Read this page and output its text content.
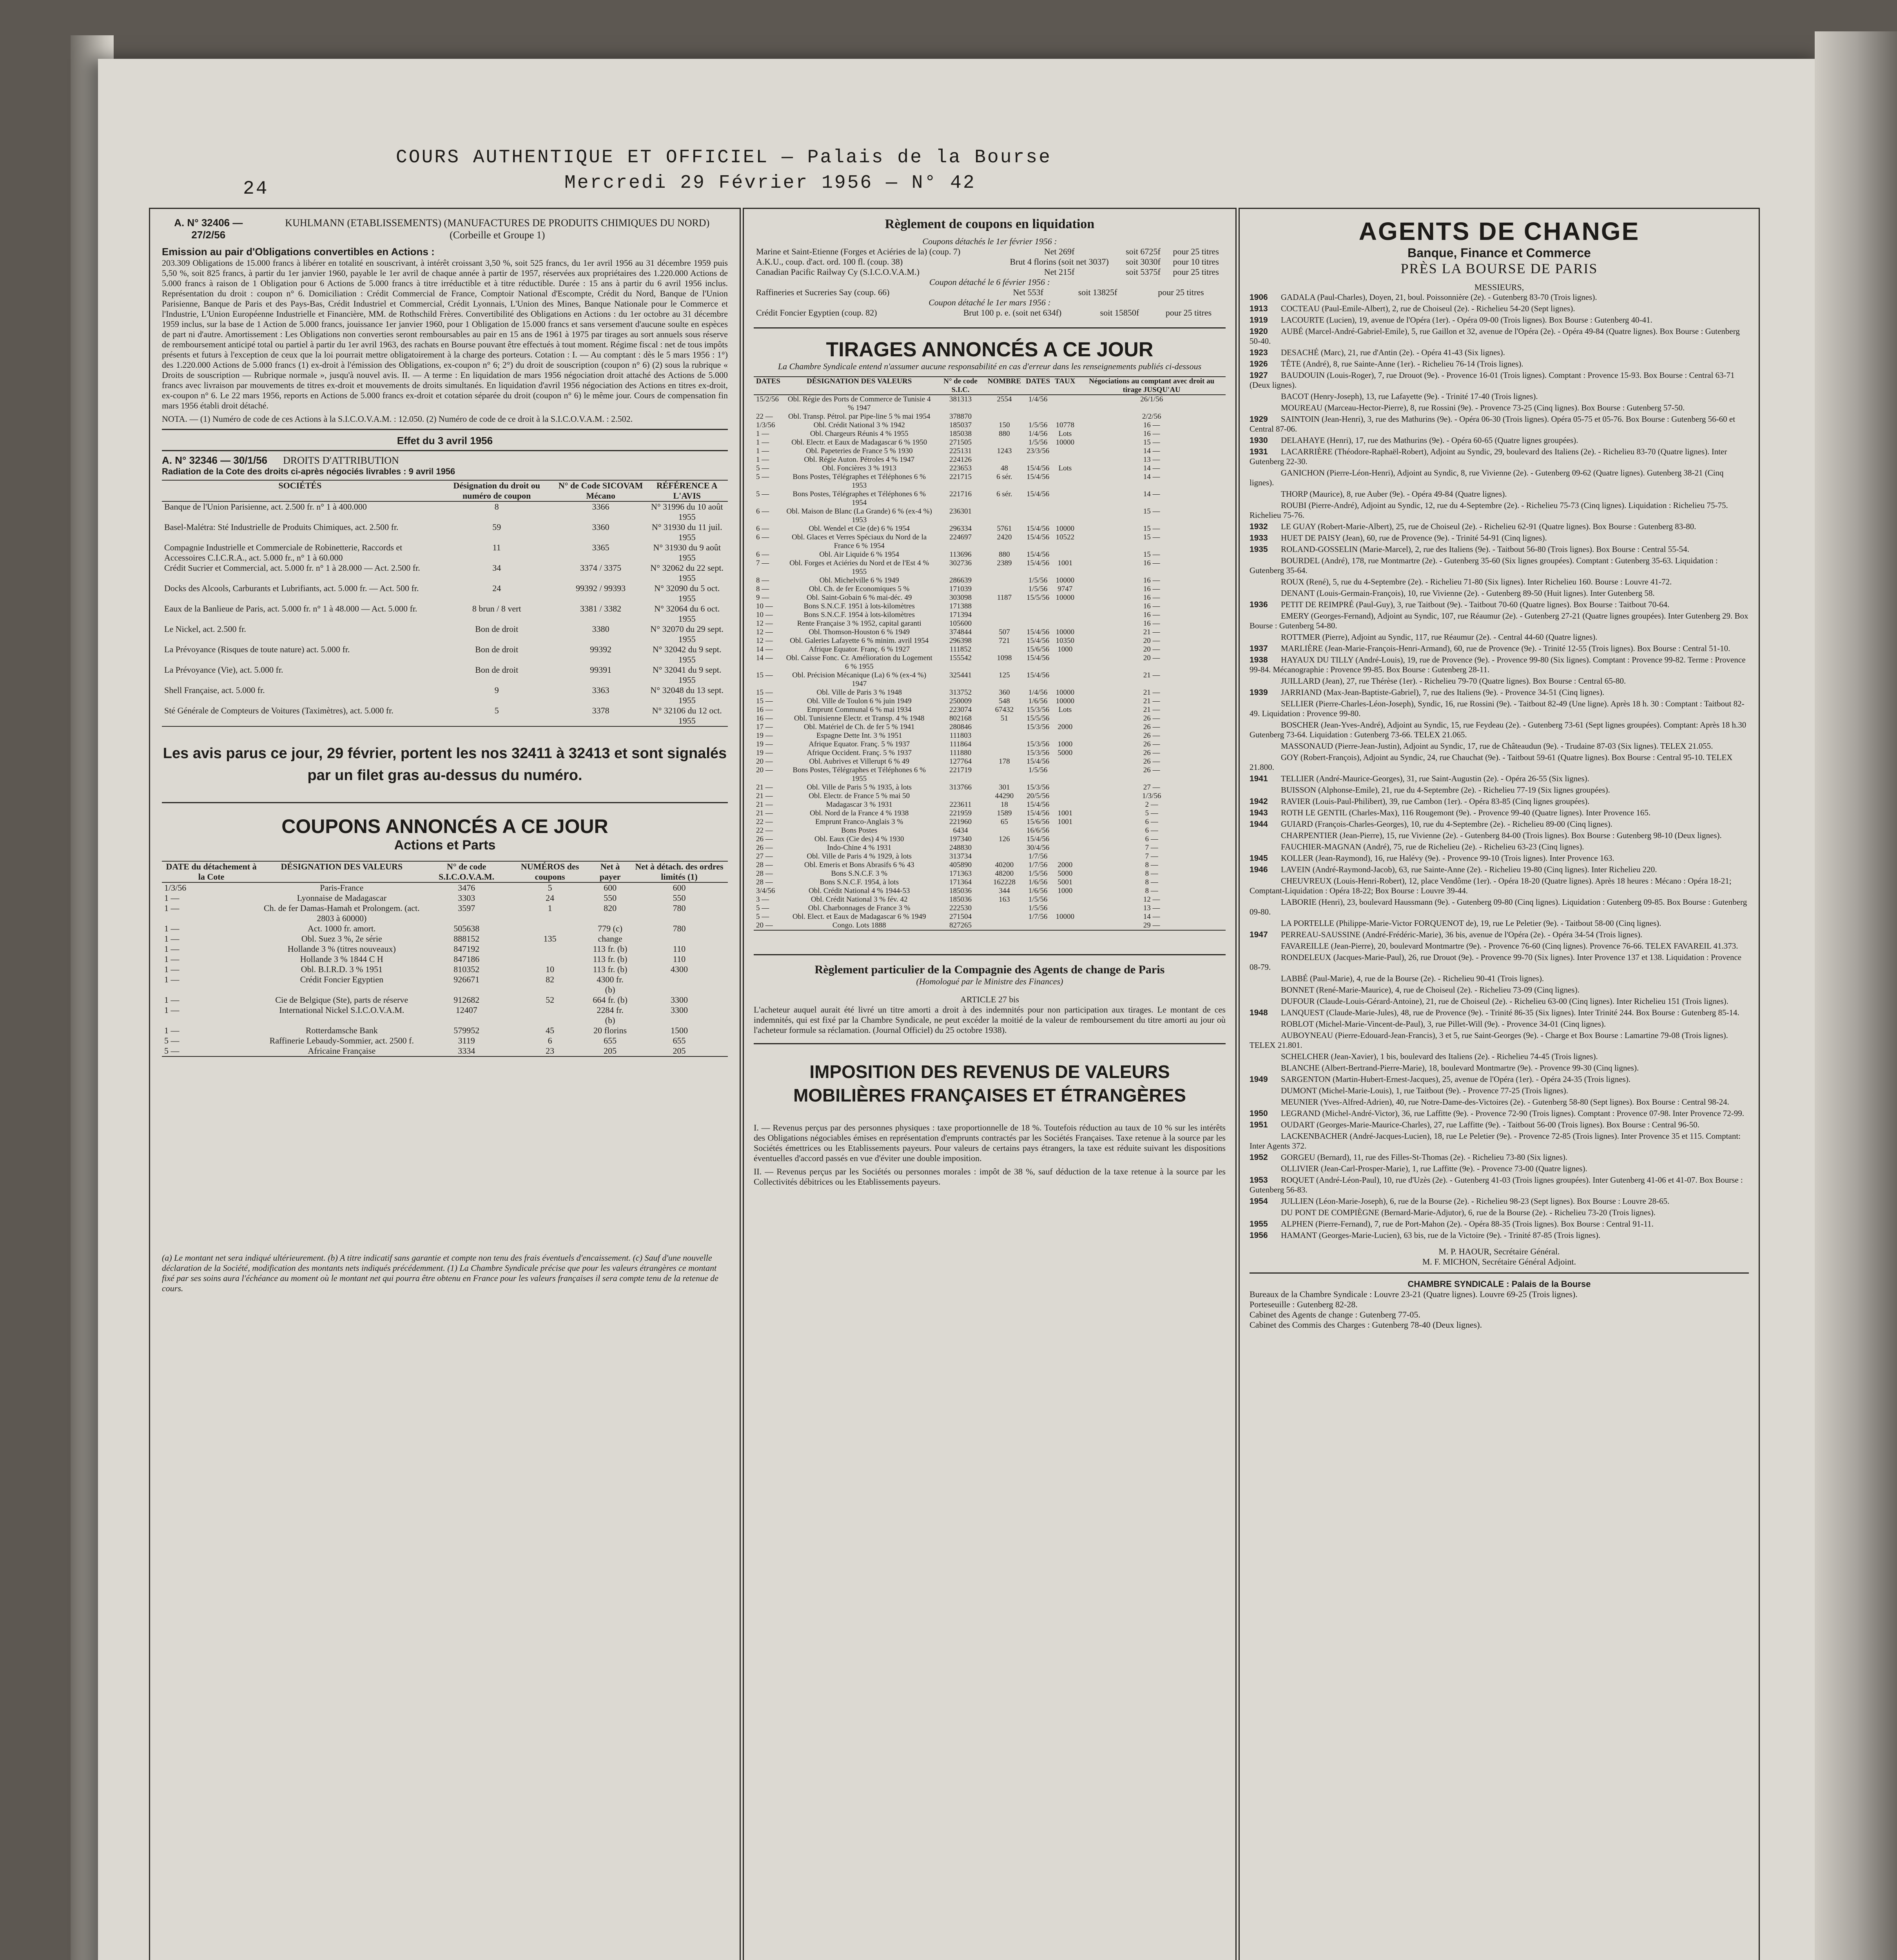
COURS AUTHENTIQUE ET OFFICIEL — Palais de la Bourse
24	Mercredi 29 Février 1956 — N° 42
A. N° 32406 — 27/2/56
KUHLMANN (ETABLISSEMENTS) (MANUFACTURES DE PRODUITS CHIMIQUES DU NORD) (Corbeille et Groupe 1)
Emission au pair d'Obligations convertibles en Actions :
203.309 Obligations de 15.000 francs à libérer en totalité en souscrivant, à intérêt croissant 3,50 %, soit 525 francs, du 1er avril 1956 au 31 décembre 1959 puis 5,50 %, soit 825 francs, à partir du 1er janvier 1960, payable le 1er avril de chaque année à partir de 1957, réservées aux propriétaires des 1.220.000 Actions de 5.000 francs à raison de 1 Obligation pour 6 Actions de 5.000 francs à titre irréductible et à titre réductible. Durée : 15 ans à partir du 6 avril 1956 inclus. Représentation du droit : coupon n° 6. Domiciliation : Crédit Commercial de France, Comptoir National d'Escompte, Crédit du Nord, Banque de l'Union Parisienne, Banque de Paris et des Pays-Bas, Crédit Industriel et Commercial, Crédit Lyonnais, L'Union des Mines, Banque Nationale pour le Commerce et l'Industrie, L'Union Européenne Industrielle et Financière, MM. de Rothschild Frères. Convertibilité des Obligations en Actions : du 1er octobre au 31 décembre 1959 inclus, sur la base de 1 Action de 5.000 francs, jouissance 1er janvier 1960, pour 1 Obligation de 15.000 francs et sans versement d'aucune soulte en espèces de part ni d'autre. Amortissement : Les Obligations non converties seront remboursables au pair en 15 ans de 1961 à 1975 par tirages au sort annuels sous réserve de remboursement anticipé total ou partiel à partir du 1er avril 1963, des rachats en Bourse pouvant être effectués à tout moment. Régime fiscal : net de tous impôts présents et futurs à l'exception de ceux que la loi pourrait mettre obligatoirement à la charge des porteurs. Cotation : I. — Au comptant : dès le 5 mars 1956 : 1°) des 1.220.000 Actions de 5.000 francs (1) ex-droit à l'émission des Obligations, ex-coupon n° 6; 2°) du droit de souscription (coupon n° 6) (2) sous la rubrique « Droits de souscription — Rubrique normale », jusqu'à nouvel avis. II. — A terme : En liquidation de mars 1956 négociation droit attaché des Actions de 5.000 francs avec livraison par mouvements de titres ex-droit et mouvements de droits simultanés. En liquidation d'avril 1956 négociation des Actions en titres ex-droit, ex-coupon n° 6. Le 22 mars 1956, reports en Actions de 5.000 francs ex-droit et cotation séparée du droit (coupon n° 6) le même jour. Cours de compensation fin mars 1956 établi droit détaché.
NOTA. — (1) Numéro de code de ces Actions à la S.I.C.O.V.A.M. : 12.050. (2) Numéro de code de ce droit à la S.I.C.O.V.A.M. : 2.502.
Effet du 3 avril 1956
A. N° 32346 — 30/1/56 DROITS D'ATTRIBUTION
Radiation de la Cote des droits ci-après négociés livrables : 9 avril 1956
SOCIÉTÉS	Désignation du droit ou numéro de coupon	N° de Code SICOVAM Mécano	RÉFÉRENCE A L'AVIS
Banque de l'Union Parisienne, act. 2.500 fr. n° 1 à 400.000	8	3366	N° 31996 du 10 août 1955
Basel-Malétra: Sté Industrielle de Produits Chimiques, act. 2.500 fr.	59	3360	N° 31930 du 11 juil. 1955
Compagnie Industrielle et Commerciale de Robinetterie, Raccords et Accessoires C.I.C.R.A., act. 5.000 fr., n° 1 à 60.000	11	3365	N° 31930 du 9 août 1955
Crédit Sucrier et Commercial, act. 5.000 fr. n° 1 à 28.000 — Act. 2.500 fr.	34	3374 / 3375	N° 32062 du 22 sept. 1955
Docks des Alcools, Carburants et Lubrifiants, act. 5.000 fr. — Act. 500 fr.	24	99392 / 99393	N° 32090 du 5 oct. 1955
Eaux de la Banlieue de Paris, act. 5.000 fr. n° 1 à 48.000 — Act. 5.000 fr.	8 brun / 8 vert	3381 / 3382	N° 32064 du 6 oct. 1955
Le Nickel, act. 2.500 fr.	Bon de droit	3380	N° 32070 du 29 sept. 1955
La Prévoyance (Risques de toute nature) act. 5.000 fr.	Bon de droit	99392	N° 32042 du 9 sept. 1955
La Prévoyance (Vie), act. 5.000 fr.	Bon de droit	99391	N° 32041 du 9 sept. 1955
Shell Française, act. 5.000 fr.	9	3363	N° 32048 du 13 sept. 1955
Sté Générale de Compteurs de Voitures (Taximètres), act. 5.000 fr.	5	3378	N° 32106 du 12 oct. 1955
Les avis parus ce jour, 29 février, portent les nos 32411 à 32413 et sont signalés par un filet gras au-dessus du numéro.
COUPONS ANNONCÉS A CE JOUR
Actions et Parts
DATE du détachement à la Cote	DÉSIGNATION DES VALEURS	N° de code S.I.C.O.V.A.M.	NUMÉROS des coupons	Net à payer	Net à détach. des ordres limités (1)
1/3/56	Paris-France	3476	5	600	600
1 —	Lyonnaise de Madagascar	3303	24	550	550
1 —	Ch. de fer Damas-Hamah et Prolongem. (act. 2803 à 60000)	3597	1	820	780
1 —	Act. 1000 fr. amort.	505638		779 (c)	780
1 —	Obl. Suez 3 %, 2e série	888152	135	change	
1 —	Hollande 3 % (titres nouveaux)	847192		113 fr. (b)	110
1 —	Hollande 3 % 1844 C H	847186		113 fr. (b)	110
1 —	Obl. B.I.R.D. 3 % 1951	810352	10	113 fr. (b)	4300
1 —	Crédit Foncier Egyptien	926671	82	4300 fr. (b)	
1 —	Cie de Belgique (Ste), parts de réserve	912682	52	664 fr. (b)	3300
1 —	International Nickel S.I.C.O.V.A.M.	12407		2284 fr. (b)	3300
1 —	Rotterdamsche Bank	579952	45	20 florins	1500
5 —	Raffinerie Lebaudy-Sommier, act. 2500 f.	3119	6	655	655
5 —	Africaine Française	3334	23	205	205
(a) Le montant net sera indiqué ultérieurement. (b) A titre indicatif sans garantie et compte non tenu des frais éventuels d'encaissement. (c) Sauf d'une nouvelle déclaration de la Société, modification des montants nets indiqués précédemment. (1) La Chambre Syndicale précise que pour les valeurs étrangères ce montant fixé par ses soins aura l'échéance au moment où le montant net qui pourra être obtenu en France pour les valeurs françaises il sera compte tenu de la retenue de cours.
Règlement de coupons en liquidation
Coupons détachés le 1er février 1956 :
Marine et Saint-Etienne (Forges et Aciéries de la) (coup. 7)	Net 269f	soit 6725f	pour 25 titres
A.K.U., coup. d'act. ord. 100 fl. (coup. 38)	Brut 4 florins (soit net 3037)	soit 3030f	pour 10 titres
Canadian Pacific Railway Cy (S.I.C.O.V.A.M.)	Net 215f	soit 5375f	pour 25 titres
Coupon détaché le 6 février 1956 :
Raffineries et Sucreries Say (coup. 66)	Net 553f	soit 13825f	pour 25 titres
Coupon détaché le 1er mars 1956 :
Crédit Foncier Egyptien (coup. 82)	Brut 100 p. e. (soit net 634f)	soit 15850f	pour 25 titres
TIRAGES ANNONCÉS A CE JOUR
La Chambre Syndicale entend n'assumer aucune responsabilité en cas d'erreur dans les renseignements publiés ci-dessous
DATES	DÉSIGNATION DES VALEURS	N° de code S.I.C.	NOMBRE	DATES	TAUX	Négociations au comptant avec droit au tirage JUSQU'AU
15/2/56	Obl. Régie des Ports de Commerce de Tunisie 4 % 1947	381313	2554	1/4/56		26/1/56
22 —	Obl. Transp. Pétrol. par Pipe-line 5 % mai 1954	378870				2/2/56
1/3/56	Obl. Crédit National 3 % 1942	185037	150	1/5/56	10778	16 —
1 —	Obl. Chargeurs Réunis 4 % 1955	185038	880	1/4/56	Lots	16 —
1 —	Obl. Electr. et Eaux de Madagascar 6 % 1950	271505		1/5/56	10000	15 —
1 —	Obl. Papeteries de France 5 % 1930	225131	1243	23/3/56		14 —
1 —	Obl. Régie Auton. Pétroles 4 % 1947	224126				13 —
5 —	Obl. Foncières 3 % 1913	223653	48	15/4/56	Lots	14 —
5 —	Bons Postes, Télégraphes et Téléphones 6 % 1953	221715	6 sér.	15/4/56		14 —
5 —	Bons Postes, Télégraphes et Téléphones 6 % 1954	221716	6 sér.	15/4/56		14 —
6 —	Obl. Maison de Blanc (La Grande) 6 % (ex-4 %) 1953	236301				15 —
6 —	Obl. Wendel et Cie (de) 6 % 1954	296334	5761	15/4/56	10000	15 —
6 —	Obl. Glaces et Verres Spéciaux du Nord de la France 6 % 1954	224697	2420	15/4/56	10522	15 —
6 —	Obl. Air Liquide 6 % 1954	113696	880	15/4/56		15 —
7 —	Obl. Forges et Aciéries du Nord et de l'Est 4 % 1955	302736	2389	15/4/56	1001	16 —
8 —	Obl. Michelville 6 % 1949	286639		1/5/56	10000	16 —
8 —	Obl. Ch. de fer Economiques 5 %	171039		1/5/56	9747	16 —
9 —	Obl. Saint-Gobain 6 % mai-déc. 49	303098	1187	15/5/56	10000	16 —
10 —	Bons S.N.C.F. 1951 à lots-kilomètres	171388				16 —
10 —	Bons S.N.C.F. 1954 à lots-kilomètres	171394				16 —
12 —	Rente Française 3 % 1952, capital garanti	105600				16 —
12 —	Obl. Thomson-Houston 6 % 1949	374844	507	15/4/56	10000	21 —
12 —	Obl. Galeries Lafayette 6 % minim. avril 1954	296398	721	15/4/56	10350	20 —
14 —	Afrique Equator. Franç. 6 % 1927	111852		15/6/56	1000	20 —
14 —	Obl. Caisse Fonc. Cr. Amélioration du Logement 6 % 1955	155542	1098	15/4/56		20 —
15 —	Obl. Précision Mécanique (La) 6 % (ex-4 %) 1947	325441	125	15/4/56		21 —
15 —	Obl. Ville de Paris 3 % 1948	313752	360	1/4/56	10000	21 —
15 —	Obl. Ville de Toulon 6 % juin 1949	250009	548	1/6/56	10000	21 —
16 —	Emprunt Communal 6 % mai 1934	223074	67432	15/3/56	Lots	21 —
16 —	Obl. Tunisienne Electr. et Transp. 4 % 1948	802168	51	15/5/56		26 —
17 —	Obl. Matériel de Ch. de fer 5 % 1941	280846		15/3/56	2000	26 —
19 —	Espagne Dette Int. 3 % 1951	111803				26 —
19 —	Afrique Equator. Franç. 5 % 1937	111864		15/3/56	1000	26 —
19 —	Afrique Occident. Franç. 5 % 1937	111880		15/3/56	5000	26 —
20 —	Obl. Aubrives et Villerupt 6 % 49	127764	178	15/4/56		26 —
20 —	Bons Postes, Télégraphes et Téléphones 6 % 1955	221719		1/5/56		26 —
21 —	Obl. Ville de Paris 5 % 1935, à lots	313766	301	15/3/56		27 —
21 —	Obl. Electr. de France 5 % mai 50		44290	20/5/56		1/3/56
21 —	Madagascar 3 % 1931	223611	18	15/4/56		2 —
21 —	Obl. Nord de la France 4 % 1938	221959	1589	15/4/56	1001	5 —
22 —	Emprunt Franco-Anglais 3 %	221960	65	15/6/56	1001	6 —
22 —	Bons Postes	6434		16/6/56		6 —
26 —	Obl. Eaux (Cie des) 4 % 1930	197340	126	15/4/56		6 —
26 —	Indo-Chine 4 % 1931	248830		30/4/56		7 —
27 —	Obl. Ville de Paris 4 % 1929, à lots	313734		1/7/56		7 —
28 —	Obl. Emeris et Bons Abrasifs 6 % 43	405890	40200	1/7/56	2000	8 —
28 —	Bons S.N.C.F. 3 %	171363	48200	1/5/56	5000	8 —
28 —	Bons S.N.C.F. 1954, à lots	171364	162228	1/6/56	5001	8 —
3/4/56	Obl. Crédit National 4 % 1944-53	185036	344	1/6/56	1000	8 —
3 —	Obl. Crédit National 3 % fév. 42	185036	163	1/5/56		12 —
5 —	Obl. Charbonnages de France 3 %	222530		1/5/56		13 —
5 —	Obl. Elect. et Eaux de Madagascar 6 % 1949	271504		1/7/56	10000	14 —
20 —	Congo. Lots 1888	827265				29 —
Règlement particulier de la Compagnie des Agents de change de Paris
(Homologué par le Ministre des Finances)
ARTICLE 27 bis
L'acheteur auquel aurait été livré un titre amorti a droit à des indemnités pour non participation aux tirages. Le montant de ces indemnités, qui est fixé par la Chambre Syndicale, ne peut excéder la moitié de la valeur de remboursement du titre amorti au jour où l'acheteur formule sa réclamation. (Journal Officiel) du 25 octobre 1938).
IMPOSITION DES REVENUS DE VALEURS MOBILIÈRES FRANÇAISES ET ÉTRANGÈRES
I. — Revenus perçus par des personnes physiques : taxe proportionnelle de 18 %. Toutefois réduction au taux de 10 % sur les intérêts des Obligations négociables émises en représentation d'emprunts contractés par les Sociétés Françaises. Taxe retenue à la source par les Sociétés émettrices ou les Etablissements payeurs. Pour valeurs de certains pays étrangers, la taxe est réduite suivant les dispositions éventuelles d'accord passés en vue d'éviter une double imposition.
II. — Revenus perçus par les Sociétés ou personnes morales : impôt de 38 %, sauf déduction de la taxe retenue à la source par les Collectivités débitrices ou les Etablissements payeurs.
AGENTS DE CHANGE
Banque, Finance et Commerce
PRÈS LA BOURSE DE PARIS
MESSIEURS,
1906 GADALA (Paul-Charles), Doyen, 21, boul. Poissonnière (2e). - Gutenberg 83-70 (Trois lignes).
1913 COCTEAU (Paul-Emile-Albert), 2, rue de Choiseul (2e). - Richelieu 54-20 (Sept lignes).
1919 LACOURTE (Lucien), 19, avenue de l'Opéra (1er). - Opéra 09-00 (Trois lignes). Box Bourse : Gutenberg 40-41.
1920 AUBÉ (Marcel-André-Gabriel-Emile), 5, rue Gaillon et 32, avenue de l'Opéra (2e). - Opéra 49-84 (Quatre lignes). Box Bourse : Gutenberg 50-40.
1923 DESACHÉ (Marc), 21, rue d'Antin (2e). - Opéra 41-43 (Six lignes).
1926 TÊTE (André), 8, rue Sainte-Anne (1er). - Richelieu 76-14 (Trois lignes).
1927 BAUDOUIN (Louis-Roger), 7, rue Drouot (9e). - Provence 16-01 (Trois lignes). Comptant : Provence 15-93. Box Bourse : Central 63-71 (Deux lignes).
BACOT (Henry-Joseph), 13, rue Lafayette (9e). - Trinité 17-40 (Trois lignes).
MOUREAU (Marceau-Hector-Pierre), 8, rue Rossini (9e). - Provence 73-25 (Cinq lignes). Box Bourse : Gutenberg 57-50.
1929 SAINTOIN (Jean-Henri), 3, rue des Mathurins (9e). - Opéra 06-30 (Trois lignes). Opéra 05-75 et 05-76. Box Bourse : Gutenberg 56-60 et Central 87-06.
1930 DELAHAYE (Henri), 17, rue des Mathurins (9e). - Opéra 60-65 (Quatre lignes groupées).
1931 LACARRIÈRE (Théodore-Raphaël-Robert), Adjoint au Syndic, 29, boulevard des Italiens (2e). - Richelieu 83-70 (Quatre lignes). Inter Gutenberg 22-30.
GANICHON (Pierre-Léon-Henri), Adjoint au Syndic, 8, rue Vivienne (2e). - Gutenberg 09-62 (Quatre lignes). Gutenberg 38-21 (Cinq lignes).
THORP (Maurice), 8, rue Auber (9e). - Opéra 49-84 (Quatre lignes).
ROUBI (Pierre-André), Adjoint au Syndic, 12, rue du 4-Septembre (2e). - Richelieu 75-73 (Cinq lignes). Liquidation : Richelieu 75-75. Richelieu 75-76.
1932 LE GUAY (Robert-Marie-Albert), 25, rue de Choiseul (2e). - Richelieu 62-91 (Quatre lignes). Box Bourse : Gutenberg 83-80.
1933 HUET DE PAISY (Jean), 60, rue de Provence (9e). - Trinité 54-91 (Cinq lignes).
1935 ROLAND-GOSSELIN (Marie-Marcel), 2, rue des Italiens (9e). - Taitbout 56-80 (Trois lignes). Box Bourse : Central 55-54.
BOURDEL (André), 178, rue Montmartre (2e). - Gutenberg 35-60 (Six lignes groupées). Comptant : Gutenberg 35-63. Liquidation : Gutenberg 35-64.
ROUX (René), 5, rue du 4-Septembre (2e). - Richelieu 71-80 (Six lignes). Inter Richelieu 160. Bourse : Louvre 41-72.
DENANT (Louis-Germain-François), 10, rue Vivienne (2e). - Gutenberg 89-50 (Huit lignes). Inter Gutenberg 58.
1936 PETIT DE REIMPRÉ (Paul-Guy), 3, rue Taitbout (9e). - Taitbout 70-60 (Quatre lignes). Box Bourse : Taitbout 70-64.
EMERY (Georges-Fernand), Adjoint au Syndic, 107, rue Réaumur (2e). - Gutenberg 27-21 (Quatre lignes groupées). Inter Gutenberg 29. Box Bourse : Gutenberg 54-80.
ROTTMER (Pierre), Adjoint au Syndic, 117, rue Réaumur (2e). - Central 44-60 (Quatre lignes).
1937 MARLIÈRE (Jean-Marie-François-Henri-Armand), 60, rue de Provence (9e). - Trinité 12-55 (Trois lignes). Box Bourse : Central 51-10.
1938 HAYAUX DU TILLY (André-Louis), 19, rue de Provence (9e). - Provence 99-80 (Six lignes). Comptant : Provence 99-82. Terme : Provence 99-84. Mécanographie : Provence 99-85. Box Bourse : Gutenberg 28-11.
JUILLARD (Jean), 27, rue Thérèse (1er). - Richelieu 79-70 (Quatre lignes). Box Bourse : Central 65-80.
1939 JARRIAND (Max-Jean-Baptiste-Gabriel), 7, rue des Italiens (9e). - Provence 34-51 (Cinq lignes).
SELLIER (Pierre-Charles-Léon-Joseph), Syndic, 16, rue Rossini (9e). - Taitbout 82-49 (Une ligne). Après 18 h. 30 : Comptant : Taitbout 82-49. Liquidation : Provence 99-80.
BOSCHER (Jean-Yves-André), Adjoint au Syndic, 15, rue Feydeau (2e). - Gutenberg 73-61 (Sept lignes groupées). Comptant: Après 18 h.30 Gutenberg 73-64. Liquidation : Gutenberg 73-66. TELEX 21.065.
MASSONAUD (Pierre-Jean-Justin), Adjoint au Syndic, 17, rue de Châteaudun (9e). - Trudaine 87-03 (Six lignes). TELEX 21.055.
GOY (Robert-François), Adjoint au Syndic, 24, rue Chauchat (9e). - Taitbout 59-61 (Quatre lignes). Box Bourse : Central 95-10. TELEX 21.800.
1941 TELLIER (André-Maurice-Georges), 31, rue Saint-Augustin (2e). - Opéra 26-55 (Six lignes).
BUISSON (Alphonse-Emile), 21, rue du 4-Septembre (2e). - Richelieu 77-19 (Six lignes groupées).
1942 RAVIER (Louis-Paul-Philibert), 39, rue Cambon (1er). - Opéra 83-85 (Cinq lignes groupées).
1943 ROTH LE GENTIL (Charles-Max), 116 Rougemont (9e). - Provence 99-40 (Quatre lignes). Inter Provence 165.
1944 GUIARD (François-Charles-Georges), 10, rue du 4-Septembre (2e). - Richelieu 89-00 (Cinq lignes).
CHARPENTIER (Jean-Pierre), 15, rue Vivienne (2e). - Gutenberg 84-00 (Trois lignes). Box Bourse : Gutenberg 98-10 (Deux lignes).
FAUCHIER-MAGNAN (André), 75, rue de Richelieu (2e). - Richelieu 63-23 (Cinq lignes).
1945 KOLLER (Jean-Raymond), 16, rue Halévy (9e). - Provence 99-10 (Trois lignes). Inter Provence 163.
1946 LAVEIN (André-Raymond-Jacob), 63, rue Sainte-Anne (2e). - Richelieu 19-80 (Cinq lignes). Inter Richelieu 220.
CHEUVREUX (Louis-Henri-Robert), 12, place Vendôme (1er). - Opéra 18-20 (Quatre lignes). Après 18 heures : Mécano : Opéra 18-21; Comptant-Liquidation : Opéra 18-22; Box Bourse : Louvre 39-44.
LABORIE (Henri), 23, boulevard Haussmann (9e). - Gutenberg 09-80 (Cinq lignes). Liquidation : Gutenberg 09-85. Box Bourse : Gutenberg 09-80.
LA PORTELLE (Philippe-Marie-Victor FORQUENOT de), 19, rue Le Peletier (9e). - Taitbout 58-00 (Cinq lignes).
1947 PERREAU-SAUSSINE (André-Frédéric-Marie), 36 bis, avenue de l'Opéra (2e). - Opéra 34-54 (Trois lignes).
FAVAREILLE (Jean-Pierre), 20, boulevard Montmartre (9e). - Provence 76-60 (Cinq lignes). Provence 76-66. TELEX FAVAREIL 41.373.
RONDELEUX (Jacques-Marie-Paul), 26, rue Drouot (9e). - Provence 99-70 (Six lignes). Inter Provence 137 et 138. Liquidation : Provence 08-79.
LABBÉ (Paul-Marie), 4, rue de la Bourse (2e). - Richelieu 90-41 (Trois lignes).
BONNET (René-Marie-Maurice), 4, rue de Choiseul (2e). - Richelieu 73-09 (Cinq lignes).
DUFOUR (Claude-Louis-Gérard-Antoine), 21, rue de Choiseul (2e). - Richelieu 63-00 (Cinq lignes). Inter Richelieu 151 (Trois lignes).
1948 LANQUEST (Claude-Marie-Jules), 48, rue de Provence (9e). - Trinité 86-35 (Six lignes). Inter Trinité 244. Box Bourse : Gutenberg 85-14.
ROBLOT (Michel-Marie-Vincent-de-Paul), 3, rue Pillet-Will (9e). - Provence 34-01 (Cinq lignes).
AUBOYNEAU (Pierre-Edouard-Jean-Francis), 3 et 5, rue Saint-Georges (9e). - Charge et Box Bourse : Lamartine 79-08 (Trois lignes). TELEX 21.801.
SCHELCHER (Jean-Xavier), 1 bis, boulevard des Italiens (2e). - Richelieu 74-45 (Trois lignes).
BLANCHE (Albert-Bertrand-Pierre-Marie), 18, boulevard Montmartre (9e). - Provence 99-30 (Cinq lignes).
1949 SARGENTON (Martin-Hubert-Ernest-Jacques), 25, avenue de l'Opéra (1er). - Opéra 24-35 (Trois lignes).
DUMONT (Michel-Marie-Louis), 1, rue Taitbout (9e). - Provence 77-25 (Trois lignes).
MEUNIER (Yves-Alfred-Adrien), 40, rue Notre-Dame-des-Victoires (2e). - Gutenberg 58-80 (Sept lignes). Box Bourse : Central 98-24.
1950 LEGRAND (Michel-André-Victor), 36, rue Laffitte (9e). - Provence 72-90 (Trois lignes). Comptant : Provence 07-98. Inter Provence 72-99.
1951 OUDART (Georges-Marie-Maurice-Charles), 27, rue Laffitte (9e). - Taitbout 56-00 (Trois lignes). Box Bourse : Central 96-50.
LACKENBACHER (André-Jacques-Lucien), 18, rue Le Peletier (9e). - Provence 72-85 (Trois lignes). Inter Provence 35 et 115. Comptant: Inter Agents 372.
1952 GORGEU (Bernard), 11, rue des Filles-St-Thomas (2e). - Richelieu 73-80 (Six lignes).
OLLIVIER (Jean-Carl-Prosper-Marie), 1, rue Laffitte (9e). - Provence 73-00 (Quatre lignes).
1953 ROQUET (André-Léon-Paul), 10, rue d'Uzès (2e). - Gutenberg 41-03 (Trois lignes groupées). Inter Gutenberg 41-06 et 41-07. Box Bourse : Gutenberg 56-83.
1954 JULLIEN (Léon-Marie-Joseph), 6, rue de la Bourse (2e). - Richelieu 98-23 (Sept lignes). Box Bourse : Louvre 28-65.
DU PONT DE COMPIÈGNE (Bernard-Marie-Adjutor), 6, rue de la Bourse (2e). - Richelieu 73-20 (Trois lignes).
1955 ALPHEN (Pierre-Fernand), 7, rue de Port-Mahon (2e). - Opéra 88-35 (Trois lignes). Box Bourse : Central 91-11.
1956 HAMANT (Georges-Marie-Lucien), 63 bis, rue de la Victoire (9e). - Trinité 87-85 (Trois lignes).
M. P. HAOUR, Secrétaire Général.
M. F. MICHON, Secrétaire Général Adjoint.
CHAMBRE SYNDICALE : Palais de la Bourse
Bureaux de la Chambre Syndicale : Louvre 23-21 (Quatre lignes). Louvre 69-25 (Trois lignes).
Porteseuille : Gutenberg 82-28.
Cabinet des Agents de change : Gutenberg 77-05.
Cabinet des Commis des Charges : Gutenberg 78-40 (Deux lignes).
